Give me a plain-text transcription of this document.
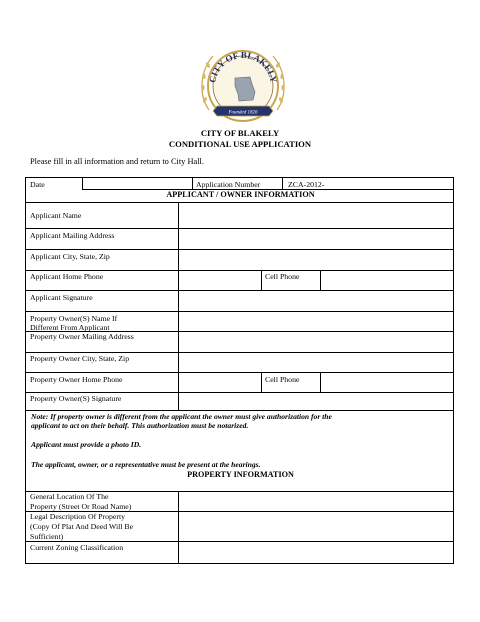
CITY OF BLAKELY
Founded 1826
CITY OF BLAKELY
CONDITIONAL USE APPLICATION
Please fill in all information and return to City Hall.
Date	Application Number	ZCA-2012-
APPLICANT / OWNER INFORMATION
Applicant Name
Applicant Mailing Address
Applicant City, State, Zip
Applicant Home Phone	Cell Phone
Applicant Signature
Property Owner(S) Name If
Different From Applicant
Property Owner Mailing Address
Property Owner City, State, Zip
Property Owner Home Phone	Cell Phone
Property Owner(S) Signature
Note: If property owner is different from the applicant the owner must give authorization for the
applicant to act on their behalf. This authorization must be notarized.
Applicant must provide a photo ID.
The applicant, owner, or a representative must be present at the hearings.
PROPERTY INFORMATION
General Location Of The
Property (Street Or Road Name)
Legal Description Of Property
(Copy Of Plat And Deed Will Be
Sufficient)
Current Zoning Classification
